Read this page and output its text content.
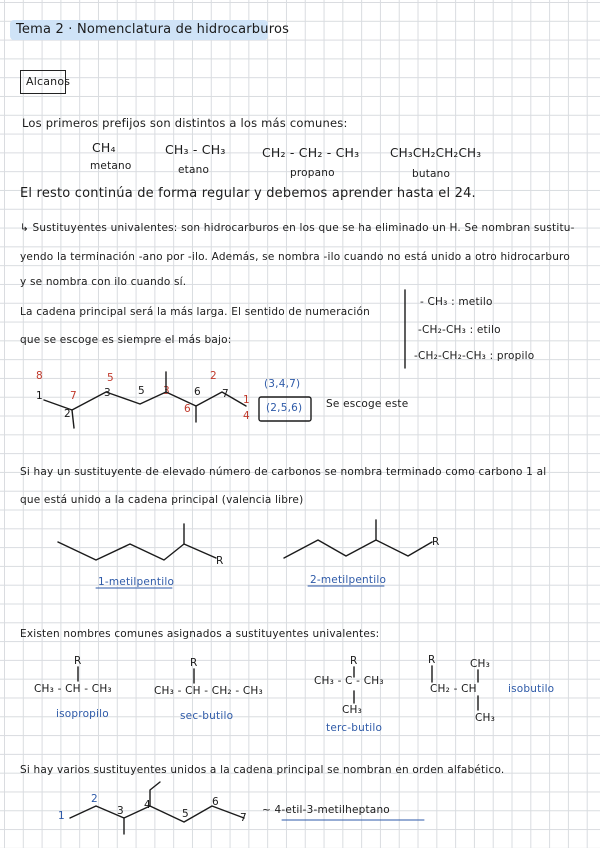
Tema 2 · Nomenclatura de hidrocarburos
Alcanos
Los primeros prefijos son distintos a los más comunes:
CH₄
metano
CH₃ - CH₃
etano
CH₂ - CH₂ - CH₃
propano
CH₃CH₂CH₂CH₃
butano
El resto continúa de forma regular y debemos aprender hasta el 24.
↳ Sustituyentes univalentes: son hidrocarburos en los que se ha eliminado un H. Se nombran sustitu-
yendo la terminación -ano por -ilo. Además, se nombra -ilo cuando no está unido a otro hidrocarburo
y se nombra con ilo cuando sí.
La cadena principal será la más larga. El sentido de numeración
que se escoge es siempre el más bajo:
- CH₃ : metilo
-CH₂-CH₃ : etilo
-CH₂-CH₂-CH₃ : propilo
1
2
3	5	7
6
8
7
5
3
1
2
6
4
(3,4,7)
(2,5,6) Se escoge este
Si hay un sustituyente de elevado número de carbonos se nombra terminado como carbono 1 al
que está unido a la cadena principal (valencia libre)
R
1-metilpentilo
R
2-metilpentilo
Existen nombres comunes asignados a sustituyentes univalentes:
R
CH₃ - CH - CH₃
isopropilo
R
CH₃ - CH - CH₂ - CH₃
sec-butilo
R
CH₃ - C - CH₃
CH₃
terc-butilo
R	CH₃
CH₂ - CH
CH₃
isobutilo
Si hay varios sustituyentes unidos a la cadena principal se nombran en orden alfabético.
1
2
3 4
5
6
7
~ 4-etil-3-metilheptano
